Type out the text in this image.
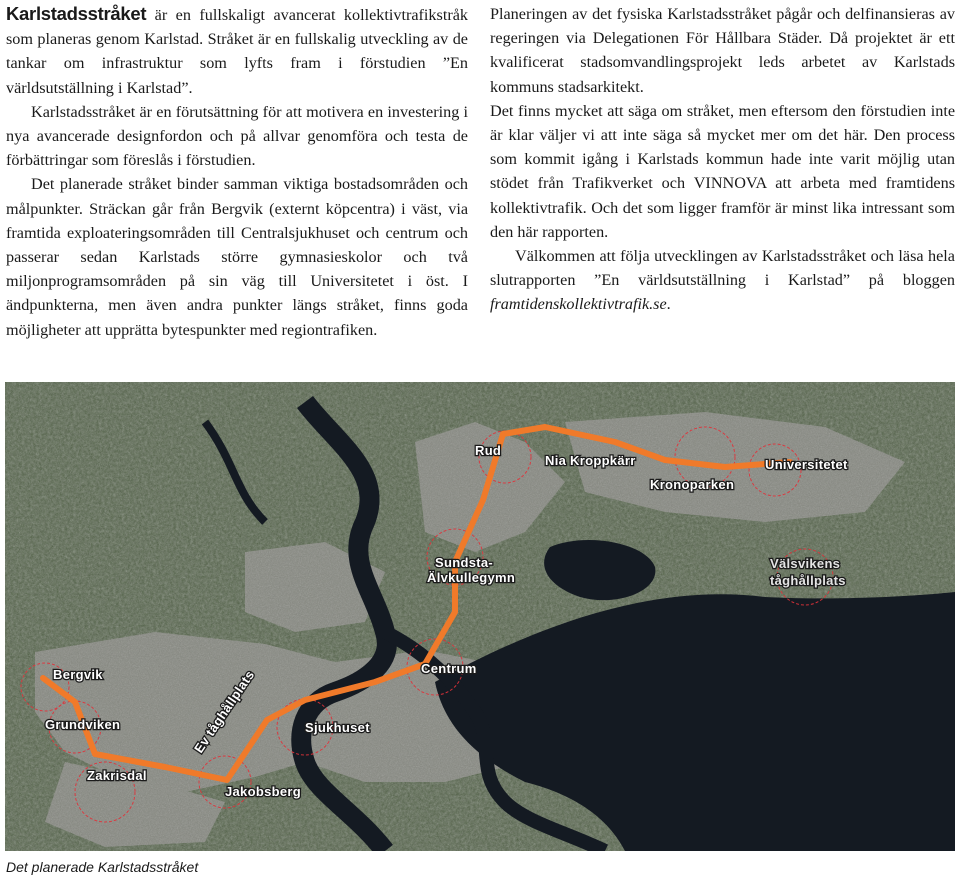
Karlstadsstråket är en fullskaligt avancerat kollektivtrafikstråk som planeras genom Karlstad. Stråket är en fullskalig utveckling av de tankar om infrastruktur som lyfts fram i förstudien ”En världsutställning i Karlstad”.

Karlstadsstråket är en förutsättning för att motivera en investering i nya avancerade designfordon och på allvar genomföra och testa de förbättringar som föreslås i förstudien.

Det planerade stråket binder samman viktiga bostadsområden och målpunkter. Sträckan går från Bergvik (externt köpcentra) i väst, via framtida exploateringsområden till Centralsjukhuset och centrum och passerar sedan Karlstads större gymnasieskolor och två miljonprogramsområden på sin väg till Universitetet i öst. I ändpunkterna, men även andra punkter längs stråket, finns goda möjligheter att upprätta bytespunkter med regiontrafiken.

Planeringen av det fysiska Karlstadsstråket pågår och delfinansieras av regeringen via Delegationen För Hållbara Städer. Då projektet är ett kvalificerat stadsomvandlingsprojekt leds arbetet av Karlstads kommuns stadsarkitekt.

Det finns mycket att säga om stråket, men eftersom den förstudien inte är klar väljer vi att inte säga så mycket mer om det här. Den process som kommit igång i Karlstads kommun hade inte varit möjlig utan stödet från Trafikverket och VINNOVA att arbeta med framtidens kollektivtrafik. Och det som ligger framför är minst lika intressant som den här rapporten.

Välkommen att följa utvecklingen av Karlstadsstråket och läsa hela slutrapporten ”En världsutställning i Karlstad” på bloggen framtidenskollektivtrafik.se.

Bergvik
Grundviken
Zakrisdal
Jakobsberg
Ev tåghållplats	Sjukhuset
Centrum
Sundsta-
Älvkullegymn
Rud
Nia Kroppkärr
Kronoparken
Universitetet
Välsvikens
tåghållplats
Det planerade Karlstadsstråket
